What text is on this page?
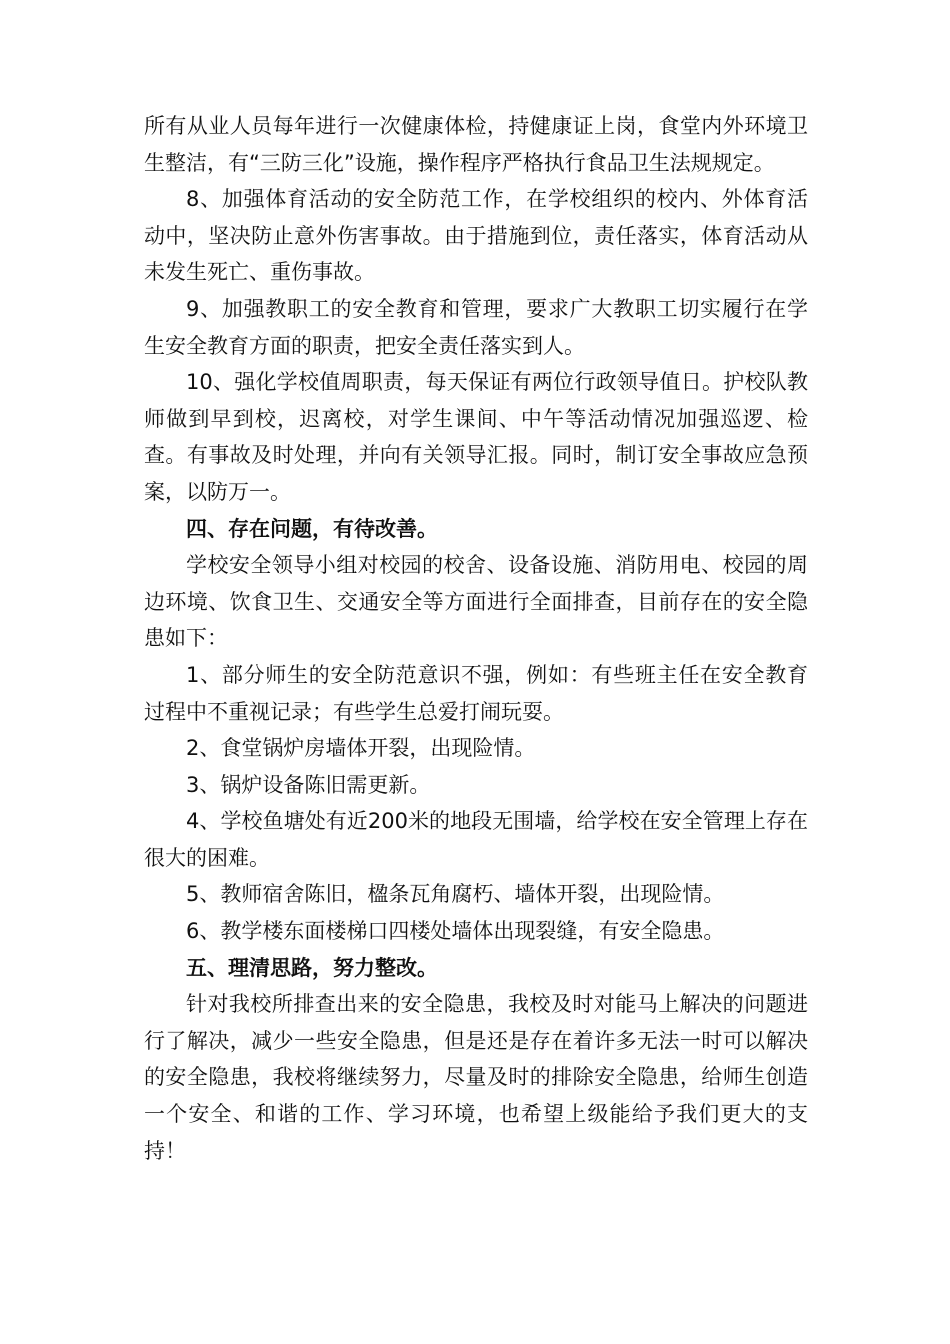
所有从业人员每年进行一次健康体检，持健康证上岗，食堂内外环境卫生整洁，有“三防三化”设施，操作程序严格执行食品卫生法规规定。

8、加强体育活动的安全防范工作，在学校组织的校内、外体育活动中，坚决防止意外伤害事故。由于措施到位，责任落实，体育活动从未发生死亡、重伤事故。

9、加强教职工的安全教育和管理，要求广大教职工切实履行在学生安全教育方面的职责，把安全责任落实到人。

10、强化学校值周职责，每天保证有两位行政领导值日。护校队教师做到早到校，迟离校，对学生课间、中午等活动情况加强巡逻、检查。有事故及时处理，并向有关领导汇报。同时，制订安全事故应急预案，以防万一。

四、存在问题，有待改善。

学校安全领导小组对校园的校舍、设备设施、消防用电、校园的周边环境、饮食卫生、交通安全等方面进行全面排查，目前存在的安全隐患如下：

1、部分师生的安全防范意识不强，例如：有些班主任在安全教育过程中不重视记录；有些学生总爱打闹玩耍。

2、食堂锅炉房墙体开裂，出现险情。

3、锅炉设备陈旧需更新。

4、学校鱼塘处有近200米的地段无围墙，给学校在安全管理上存在很大的困难。

5、教师宿舍陈旧，楹条瓦角腐朽、墙体开裂，出现险情。

6、教学楼东面楼梯口四楼处墙体出现裂缝，有安全隐患。

五、理清思路，努力整改。

针对我校所排查出来的安全隐患，我校及时对能马上解决的问题进行了解决，减少一些安全隐患，但是还是存在着许多无法一时可以解决的安全隐患，我校将继续努力，尽量及时的排除安全隐患，给师生创造一个安全、和谐的工作、学习环境，也希望上级能给予我们更大的支持！
